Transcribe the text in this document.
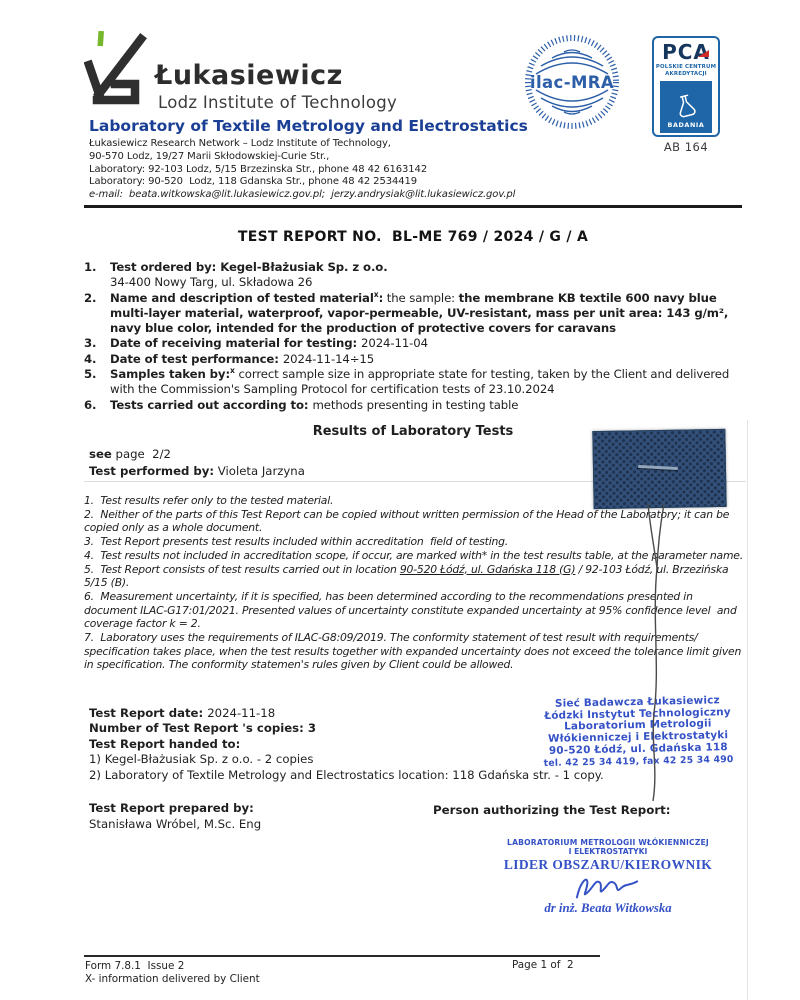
Łukasiewicz
Lodz Institute of Technology
Laboratory of Textile Metrology and Electrostatics
Łukasiewicz Research Network – Lodz Institute of Technology,
90-570 Lodz, 19/27 Marii Skłodowskiej-Curie Str.,
Laboratory: 92-103 Lodz, 5/15 Brzezinska Str., phone 48 42 6163142
Laboratory: 90-520  Lodz, 118 Gdanska Str., phone 48 42 2534419
e-mail:  beata.witkowska@lit.lukasiewicz.gov.pl;  jerzy.andrysiak@lit.lukasiewicz.gov.pl
ilac-MRA
PCA
POLSKIE CENTRUM
AKREDYTACJI
BADANIA
AB 164
TEST REPORT NO.  BL-ME 769 / 2024 / G / A
1.	Test ordered by: Kegel-Błażusiak Sp. z o.o.
34-400 Nowy Targ, ul. Składowa 26
2.	Name and description of tested material$^x$: the sample: the membrane KB textile 600 navy blue multi-layer material, waterproof, vapor-permeable, UV-resistant, mass per unit area: 143 g/m², navy blue color, intended for the production of protective covers for caravans
3.	Date of receiving material for testing: 2024-11-04
4.	Date of test performance: 2024-11-14÷15
5.	Samples taken by:$^x$ correct sample size in appropriate state for testing, taken by the Client and delivered with the Commission's Sampling Protocol for certification tests of 23.10.2024
6.	Tests carried out according to: methods presenting in testing table
Results of Laboratory Tests
see page  2/2
Test performed by: Violeta Jarzyna

1.  Test results refer only to the tested material.

2.  Neither of the parts of this Test Report can be copied without written permission of the Head of the Laboratory; it can be copied only as a whole document.

3.  Test Report presents test results included within accreditation  field of testing.

4.  Test results not included in accreditation scope, if occur, are marked with* in the test results table, at the parameter name.

5.  Test Report consists of test results carried out in location 90-520 Łódź, ul. Gdańska 118 (G) / 92-103 Łódź, ul. Brzezińska 5/15 (B).

6.  Measurement uncertainty, if it is specified, has been determined according to the recommendations presented in document ILAC-G17:01/2021. Presented values of uncertainty constitute expanded uncertainty at 95% confidence level  and coverage factor k = 2.

7.  Laboratory uses the requirements of ILAC-G8:09/2019. The conformity statement of test result with requirements/ specification takes place, when the test results together with expanded uncertainty does not exceed the tolerance limit given in specification. The conformity statemen's rules given by Client could be allowed.

Test Report date: 2024-11-18
Number of Test Report 's copies: 3
Test Report handed to:
1) Kegel-Błażusiak Sp. z o.o. - 2 copies
2) Laboratory of Textile Metrology and Electrostatics location: 118 Gdańska str. - 1 copy.
Sieć Badawcza Łukasiewicz
Łódzki Instytut Technologiczny
Laboratorium Metrologii
Włókienniczej i Elektrostatyki
90-520 Łódź, ul. Gdańska 118
tel. 42 25 34 419, fax 42 25 34 490
Test Report prepared by:
Stanisława Wróbel, M.Sc. Eng
Person authorizing the Test Report:
LABORATORIUM METROLOGII WŁÓKIENNICZEJ
I ELEKTROSTATYKI
LIDER OBSZARU/KIEROWNIK
dr inż. Beata Witkowska
Form 7.8.1  Issue 2
X- information delivered by Client
Page 1 of  2
